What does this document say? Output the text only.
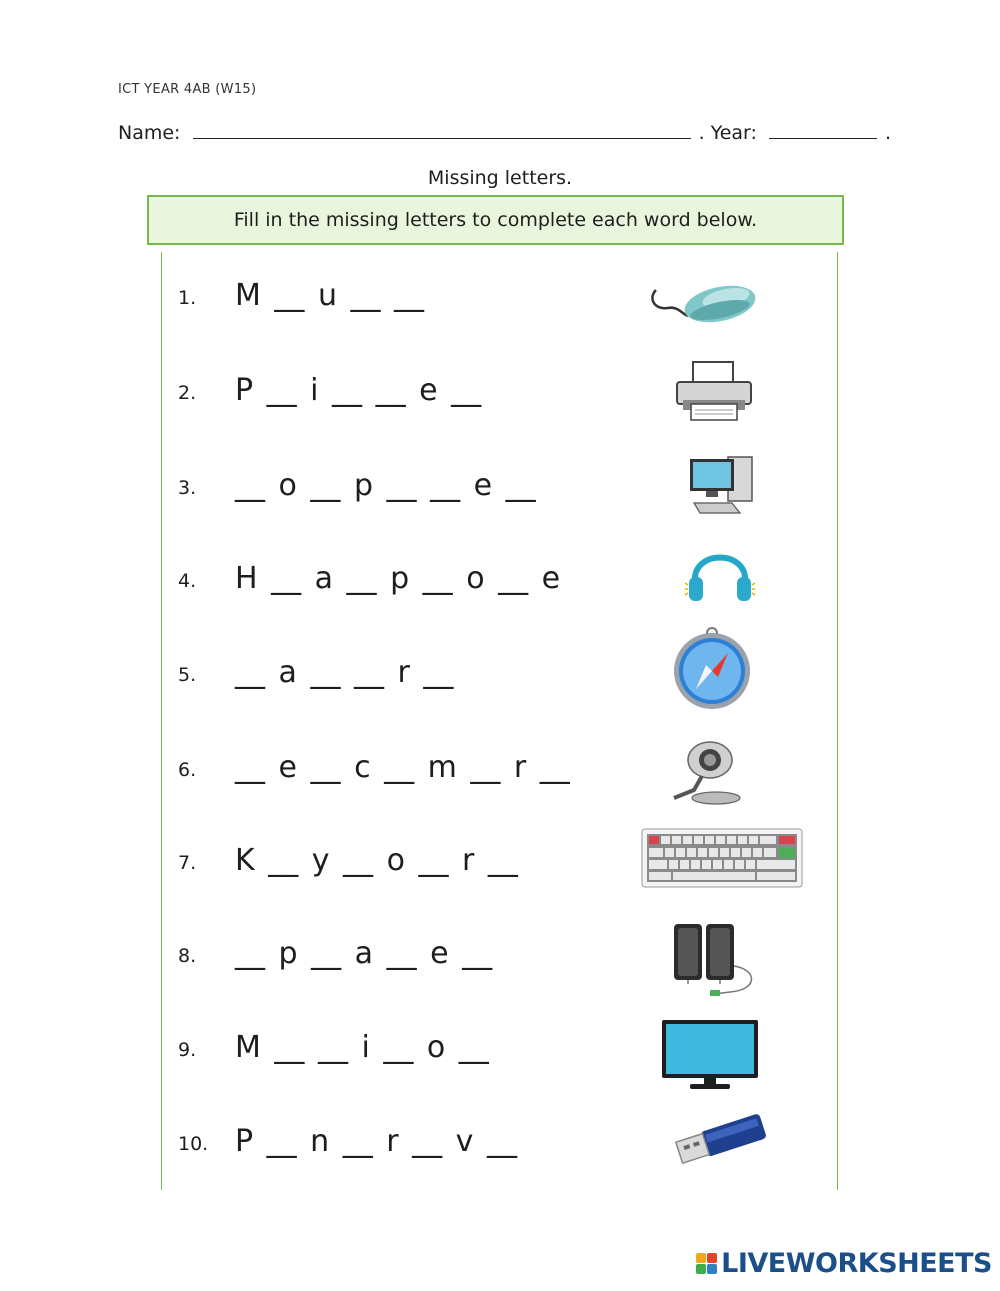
ICT YEAR 4AB (W15)
Name:	. Year:	.
Missing letters.
Fill in the missing letters to complete each word below.
1. M __ u __ __
2. P __ i __ __ e __
3. __ o __ p __ __ e __
4. H __ a __ p __ o __ e
5. __ a __ __ r __
6. __ e __ c __ m __ r __
7. K __ y __ o __ r __
8. __ p __ a __ e __
9. M __ __ i __ o __
10. P __ n __ r __ v __
LIVEWORKSHEETS
